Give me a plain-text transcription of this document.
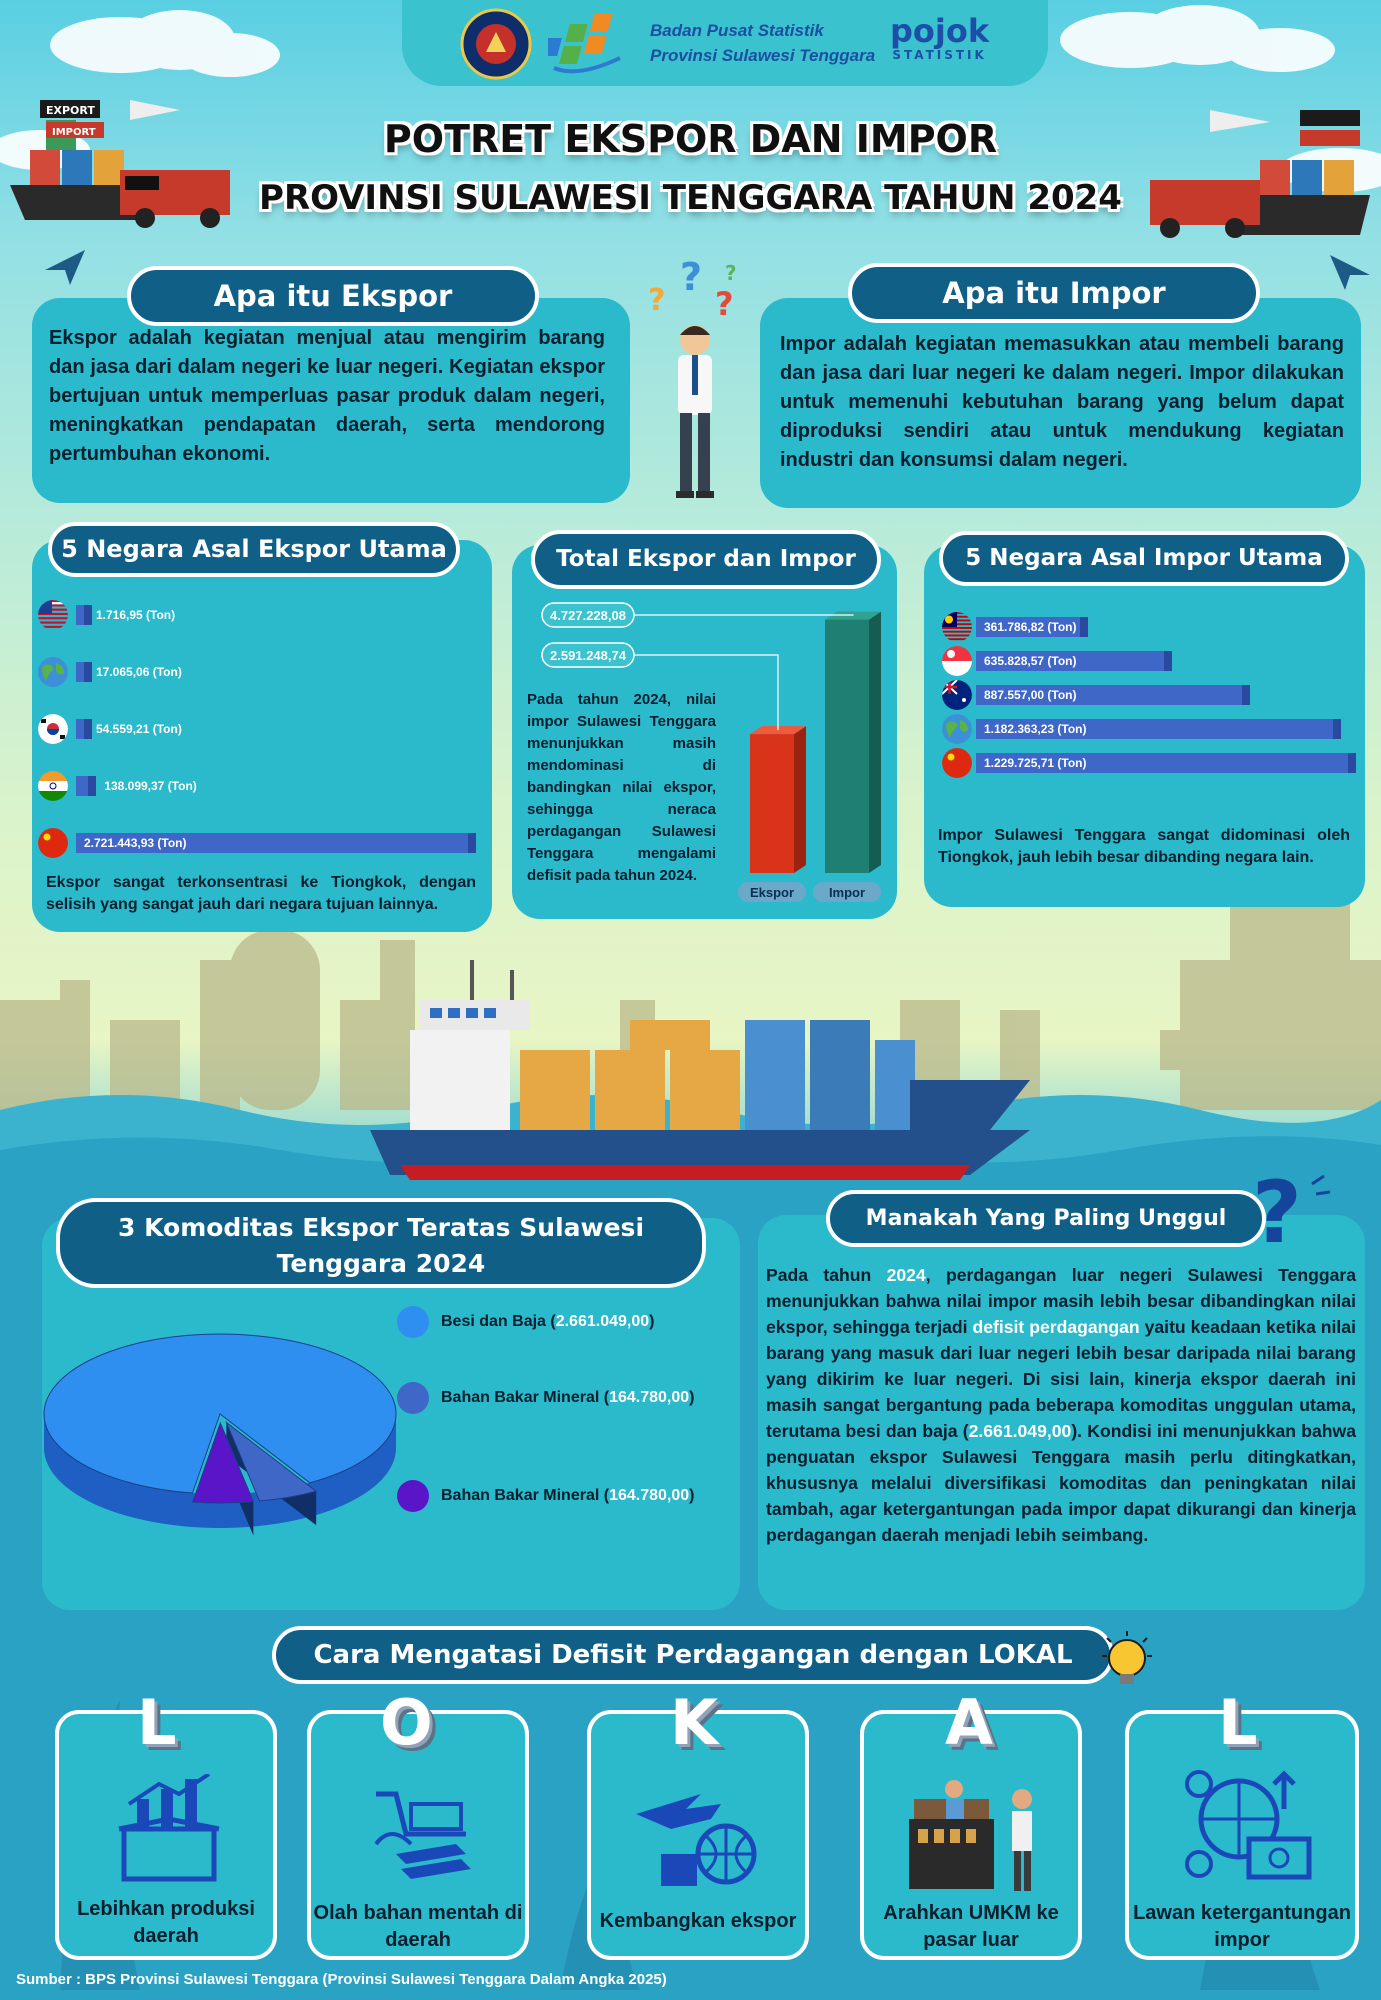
Badan Pusat Statistik
Provinsi Sulawesi Tenggara
pojok
STATISTIK
POTRET EKSPOR DAN IMPOR
PROVINSI SULAWESI TENGGARA TAHUN 2024
EXPORT
IMPORT
Ekspor adalah kegiatan menjual atau mengirim barang dan jasa dari dalam negeri ke luar negeri. Kegiatan ekspor bertujuan untuk memperluas pasar produk dalam negeri, meningkatkan pendapatan daerah, serta mendorong pertumbuhan ekonomi.
Apa itu Ekspor
Impor adalah kegiatan memasukkan atau membeli barang dan jasa dari luar negeri ke dalam negeri. Impor dilakukan untuk memenuhi kebutuhan barang yang belum dapat diproduksi sendiri atau untuk mendukung kegiatan industri dan konsumsi dalam negeri.
Apa itu Impor
?
?
?
?
1.716,95 (Ton)
17.065,06 (Ton)
54.559,21 (Ton)
138.099,37 (Ton)
2.721.443,93 (Ton)
Ekspor sangat terkonsentrasi ke Tiongkok, dengan selisih yang sangat jauh dari negara tujuan lainnya.
5 Negara Asal Ekspor Utama
Pada tahun 2024, nilai impor Sulawesi Tenggara menunjukkan masih mendominasi di bandingkan nilai ekspor, sehingga neraca perdagangan Sulawesi Tenggara mengalami defisit pada tahun 2024.
Ekspor
2.591.248,74
Impor
4.727.228,08
Total Ekspor dan Impor
361.786,82 (Ton)
635.828,57 (Ton)
887.557,00 (Ton)
1.182.363,23 (Ton)
1.229.725,71 (Ton)
Impor Sulawesi Tenggara sangat didominasi oleh Tiongkok, jauh lebih besar dibanding negara lain.
5 Negara Asal Impor Utama
Besi dan Baja (2.661.049,00)
Bahan Bakar Mineral (164.780,00)
Bahan Bakar Mineral (164.780,00)
3 Komoditas Ekspor Teratas Sulawesi Tenggara 2024	Pada tahun 2024, perdagangan luar negeri Sulawesi Tenggara menunjukkan bahwa nilai impor masih lebih besar dibandingkan nilai ekspor, sehingga terjadi defisit perdagangan yaitu keadaan ketika nilai barang yang masuk dari luar negeri lebih besar daripada nilai barang yang dikirim ke luar negeri. Di sisi lain, kinerja ekspor daerah ini masih sangat bergantung pada beberapa komoditas unggulan utama, terutama besi dan baja (2.661.049,00). Kondisi ini menunjukkan bahwa penguatan ekspor Sulawesi Tenggara masih perlu ditingkatkan, khususnya melalui diversifikasi komoditas dan peningkatan nilai tambah, agar ketergantungan pada impor dapat dikurangi dan kinerja perdagangan daerah menjadi lebih seimbang.
Manakah Yang Paling Unggul ?
Cara Mengatasi Defisit Perdagangan dengan LOKAL
Lebihkan produksi daerah
L
Olah bahan mentah di daerah
O
Kembangkan ekspor
K
Arahkan UMKM ke pasar luar
A
Lawan ketergantungan impor
L
Sumber : BPS Provinsi Sulawesi Tenggara (Provinsi Sulawesi Tenggara Dalam Angka 2025)
